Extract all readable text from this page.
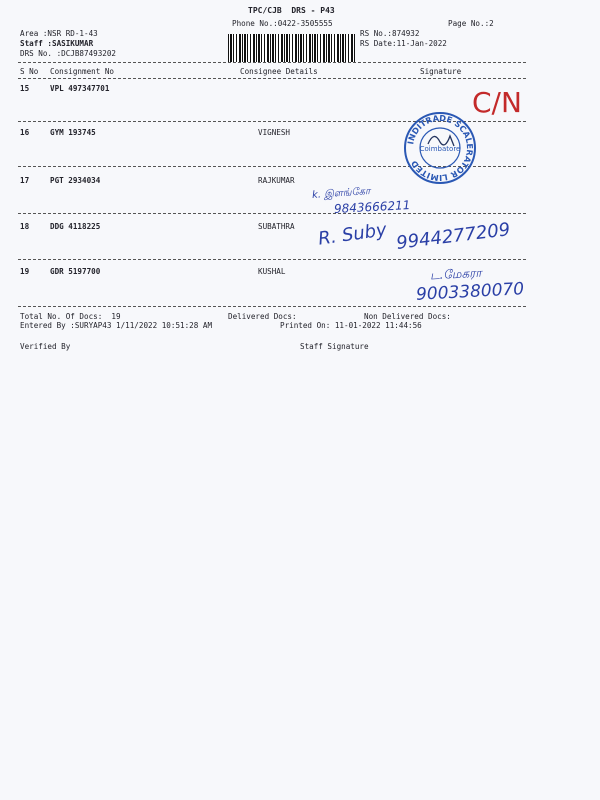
TPC/CJB  DRS - P43
Phone No.:0422-3505555	Page No.:2
Area :NSR RD-1-43
Staff :SASIKUMAR
DRS No. :DCJB87493202
RS No.:874932
RS Date:11-Jan-2022
S No Consignment No	Consignee Details	Signature
15	VPL 497347701
16	GYM 193745	VIGNESH
17	PGT 2934034	RAJKUMAR
18	DDG 4118225	SUBATHRA
19	GDR 5197700	KUSHAL
Total No. Of Docs:  19	Delivered Docs:	Non Delivered Docs:
Entered By :SURYAP43 1/11/2022 10:51:28 AM	Printed On: 11-01-2022 11:44:56
Verified By	Staff Signature
INDITRADE SCALERATOR LIMITED
Coimbatore
C/N
k. இளங்கோ
9843666211
R. Suby 9944277209
ட.மேகரா
9003380070
